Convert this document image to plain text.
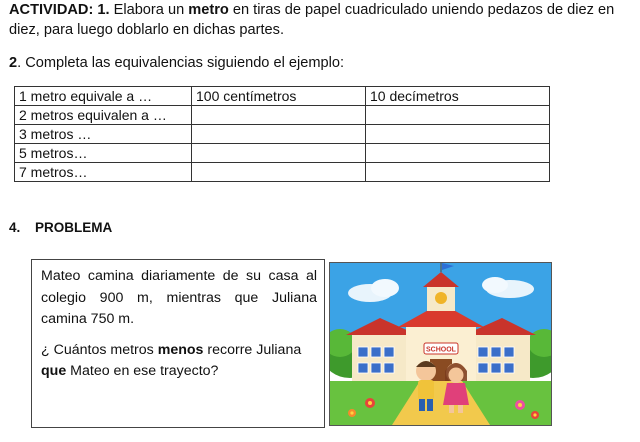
ACTIVIDAD: 1. Elabora un metro en tiras de papel cuadriculado uniendo pedazos de diez en diez, para luego doblarlo en dichas partes.
2. Completa las equivalencias siguiendo el ejemplo:
1 metro equivale a …	100 centímetros	10 decímetros
2 metros equivalen a …		
3 metros …		
5 metros…		
7 metros…		
4. PROBLEMA
Mateo camina diariamente de su casa al colegio 900 m, mientras que Juliana camina 750 m.
¿ Cuántos metros menos recorre Juliana que Mateo en ese trayecto?
SCHOOL
